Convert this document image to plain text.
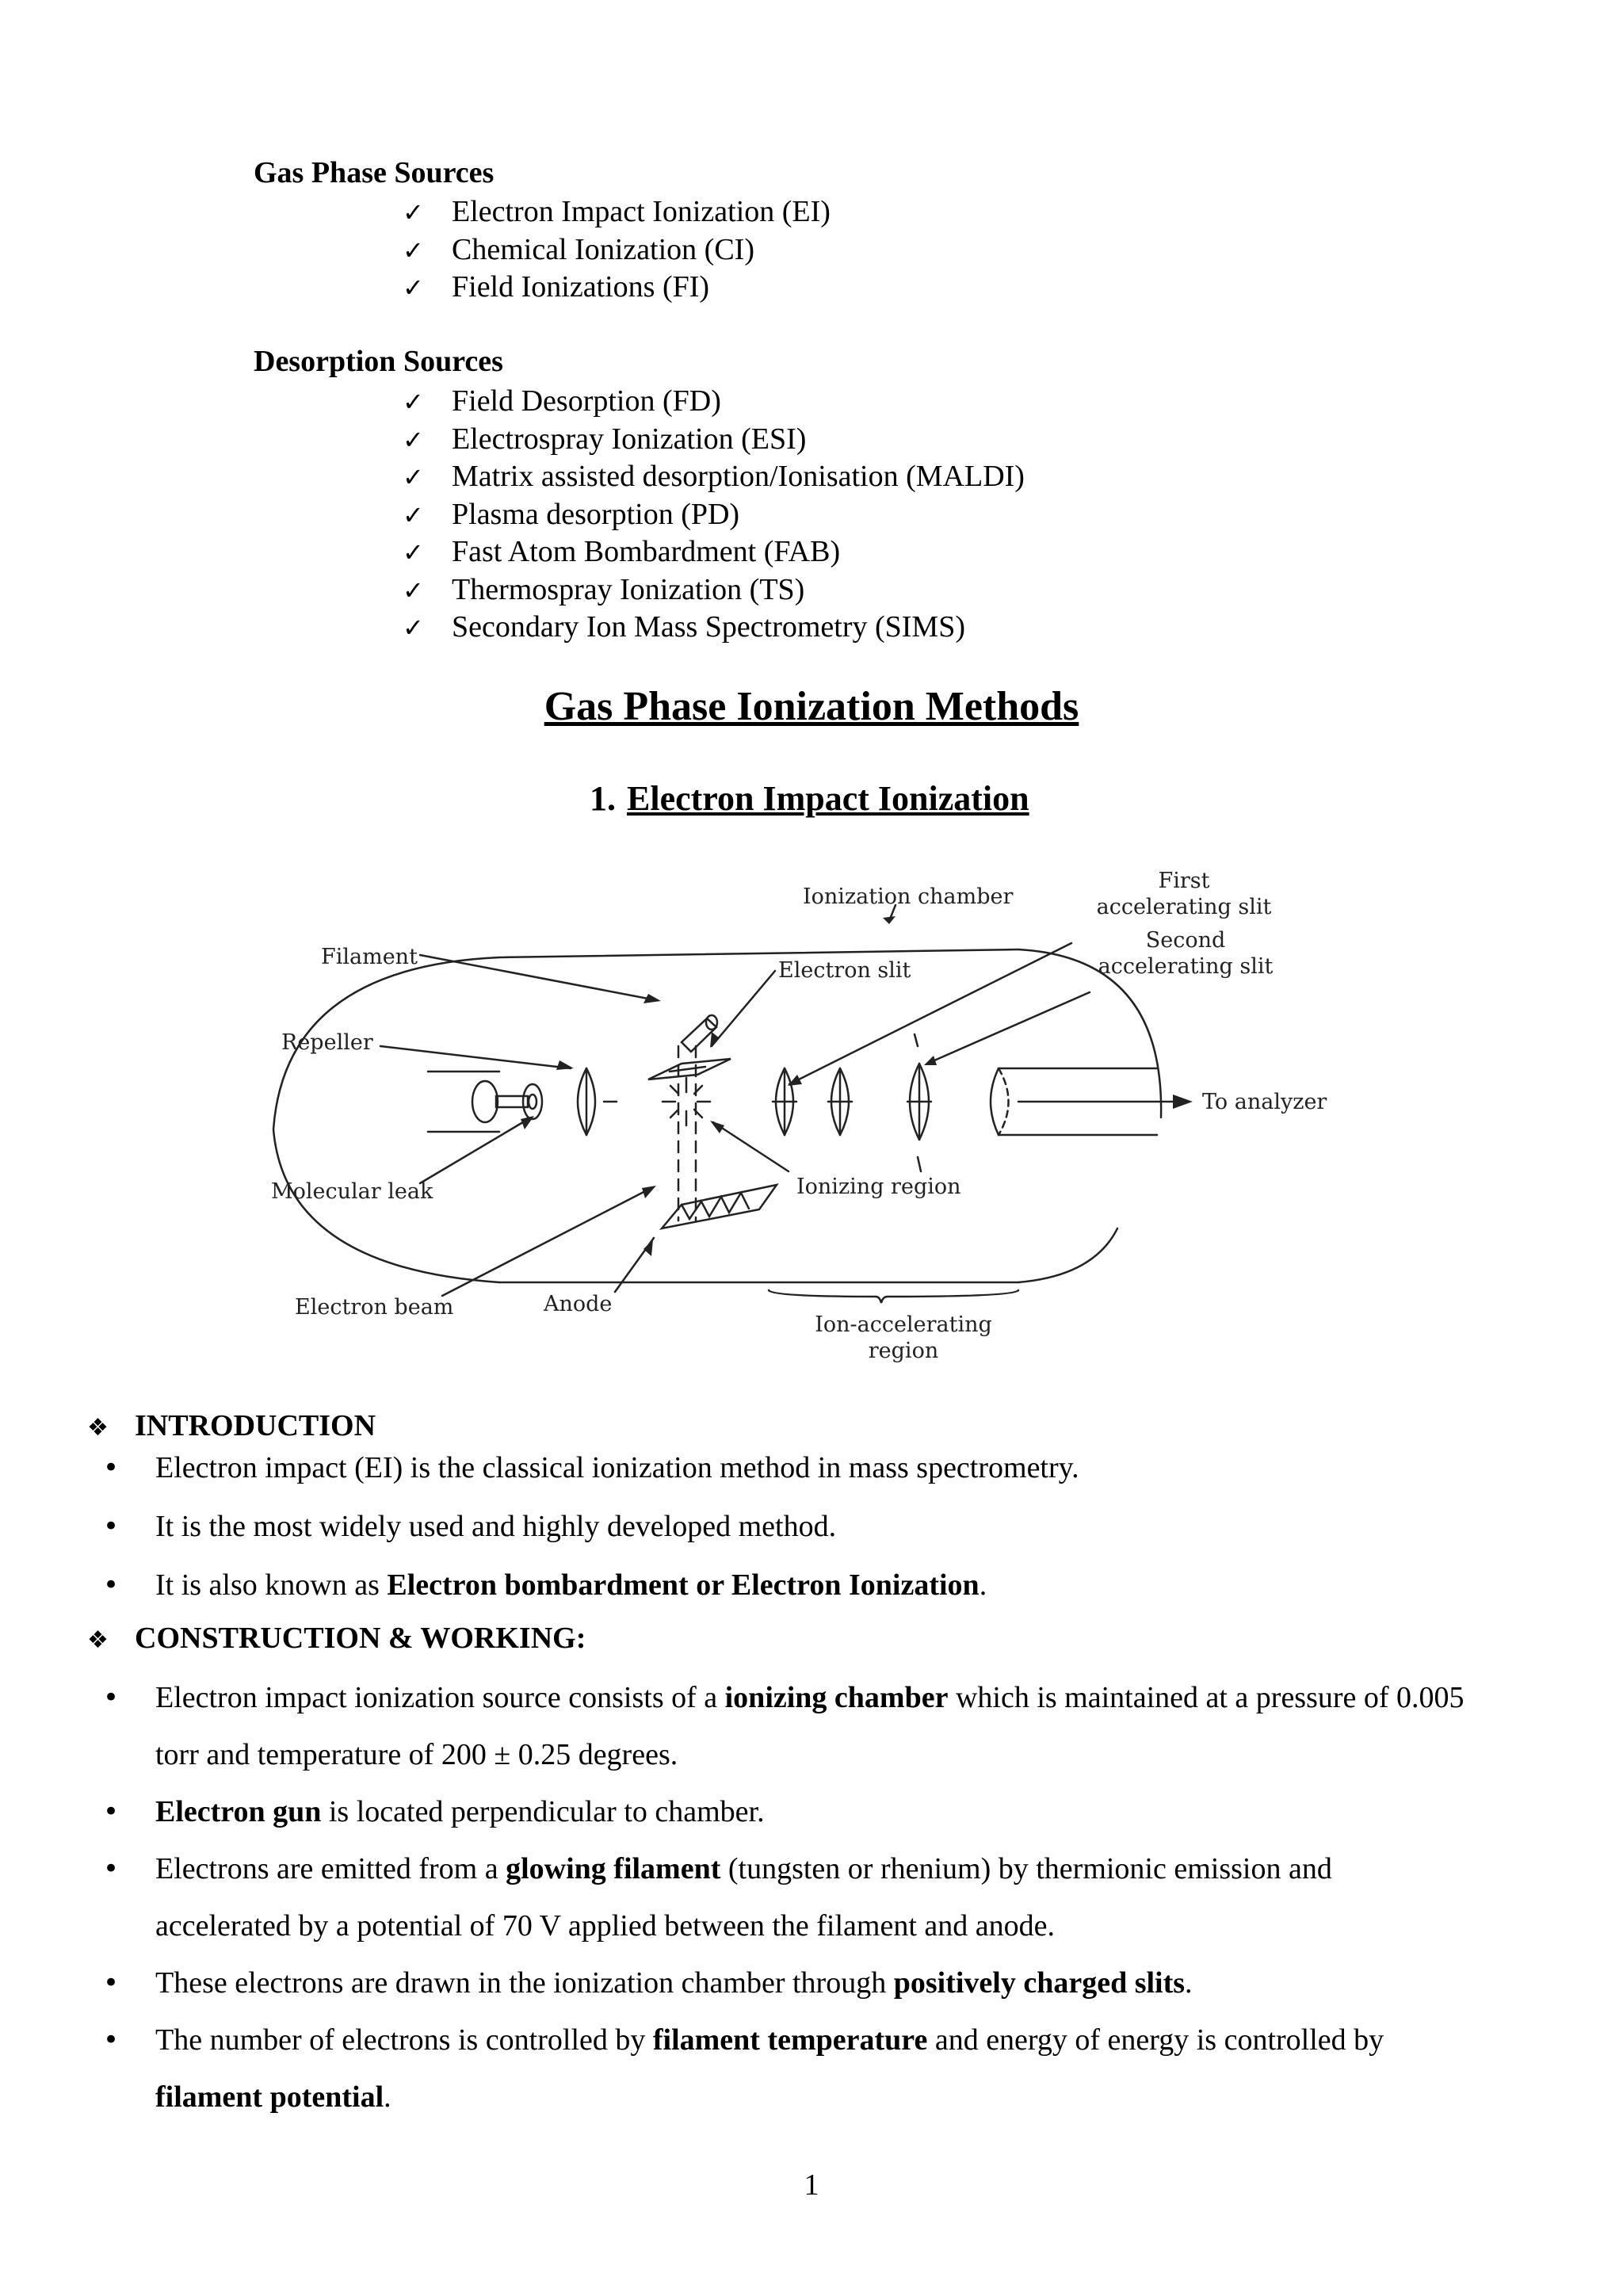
Gas Phase Sources
✓ Electron Impact Ionization (EI)
✓ Chemical Ionization (CI)
✓ Field Ionizations (FI)
Desorption Sources
✓ Field Desorption (FD)
✓ Electrospray Ionization (ESI)
✓ Matrix assisted desorption/Ionisation (MALDI)
✓ Plasma desorption (PD)
✓ Fast Atom Bombardment (FAB)
✓ Thermospray Ionization (TS)
✓ Secondary Ion Mass Spectrometry (SIMS)
Gas Phase Ionization Methods
1. Electron Impact Ionization
Ionization chamber
First
accelerating slit
Second
accelerating slit
Filament
Electron slit
Repeller
To analyzer
Molecular leak	Ionizing region
Electron beam	Anode
Ion-accelerating
region
❖ INTRODUCTION
• Electron impact (EI) is the classical ionization method in mass spectrometry.
• It is the most widely used and highly developed method.
• It is also known as Electron bombardment or Electron Ionization.
❖ CONSTRUCTION & WORKING:
• Electron impact ionization source consists of a ionizing chamber which is maintained at a pressure of 0.005 torr and temperature of 200 ± 0.25 degrees.
• Electron gun is located perpendicular to chamber.
• Electrons are emitted from a glowing filament (tungsten or rhenium) by thermionic emission and accelerated by a potential of 70 V applied between the filament and anode.
• These electrons are drawn in the ionization chamber through positively charged slits.
• The number of electrons is controlled by filament temperature and energy of energy is controlled by filament potential.

1
